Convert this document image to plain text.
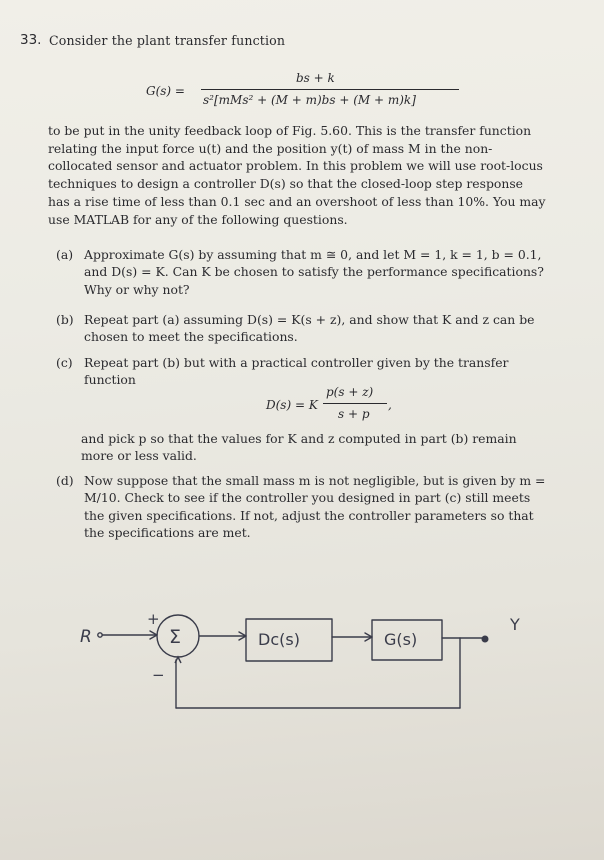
33. Consider the plant transfer function
G(s) =
bs + k
s²[mMs² + (M + m)bs + (M + m)k]
to be put in the unity feedback loop of Fig. 5.60. This is the transfer function relating the input force u(t) and the position y(t) of mass M in the non-collocated sensor and actuator problem. In this problem we will use root-locus techniques to design a controller D(s) so that the closed-loop step response has a rise time of less than 0.1 sec and an overshoot of less than 10%. You may use MATLAB for any of the following questions.
(a) Approximate G(s) by assuming that m ≅ 0, and let M = 1, k = 1, b = 0.1, and D(s) = K. Can K be chosen to satisfy the performance specifications? Why or why not?
(b) Repeat part (a) assuming D(s) = K(s + z), and show that K and z can be chosen to meet the specifications.
(c) Repeat part (b) but with a practical controller given by the transfer function
D(s) = K
p(s + z)
s + p
,
and pick p so that the values for K and z computed in part (b) remain more or less valid.
(d) Now suppose that the small mass m is not negligible, but is given by m = M/10. Check to see if the controller you designed in part (c) still meets the given specifications. If not, adjust the controller parameters so that the specifications are met.
R
+
−
Σ	Dc(s)	G(s)
Y
